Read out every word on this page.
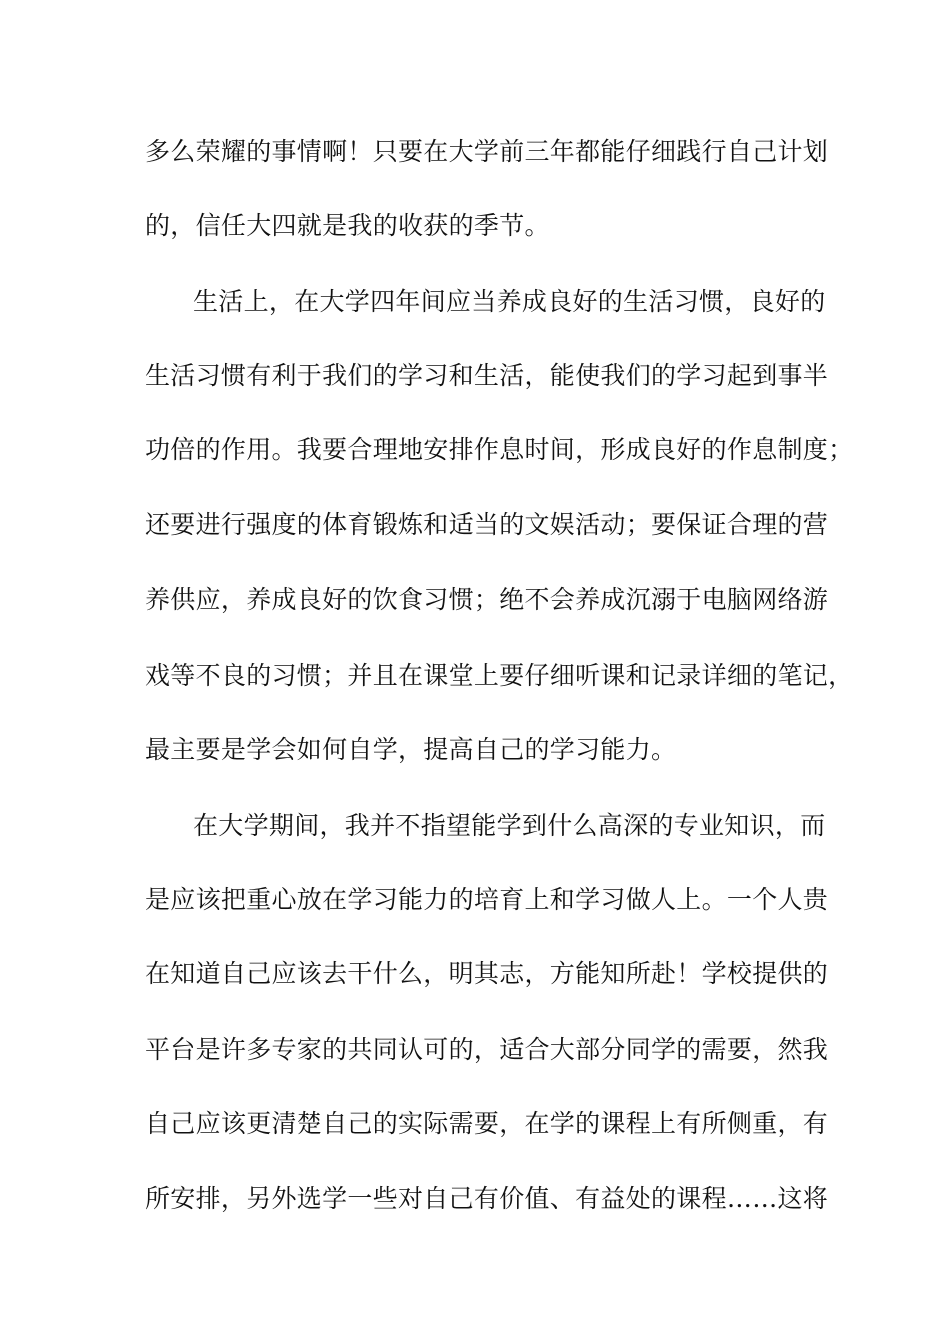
多么荣耀的事情啊！只要在大学前三年都能仔细践行自己计划
的，信任大四就是我的收获的季节。
生活上，在大学四年间应当养成良好的生活习惯，良好的
生活习惯有利于我们的学习和生活，能使我们的学习起到事半
功倍的作用。我要合理地安排作息时间，形成良好的作息制度；
还要进行强度的体育锻炼和适当的文娱活动；要保证合理的营
养供应，养成良好的饮食习惯；绝不会养成沉溺于电脑网络游
戏等不良的习惯；并且在课堂上要仔细听课和记录详细的笔记，
最主要是学会如何自学，提高自己的学习能力。
在大学期间，我并不指望能学到什么高深的专业知识，而
是应该把重心放在学习能力的培育上和学习做人上。一个人贵
在知道自己应该去干什么，明其志，方能知所赴！学校提供的
平台是许多专家的共同认可的，适合大部分同学的需要，然我
自己应该更清楚自己的实际需要，在学的课程上有所侧重，有
所安排，另外选学一些对自己有价值、有益处的课程……这将
